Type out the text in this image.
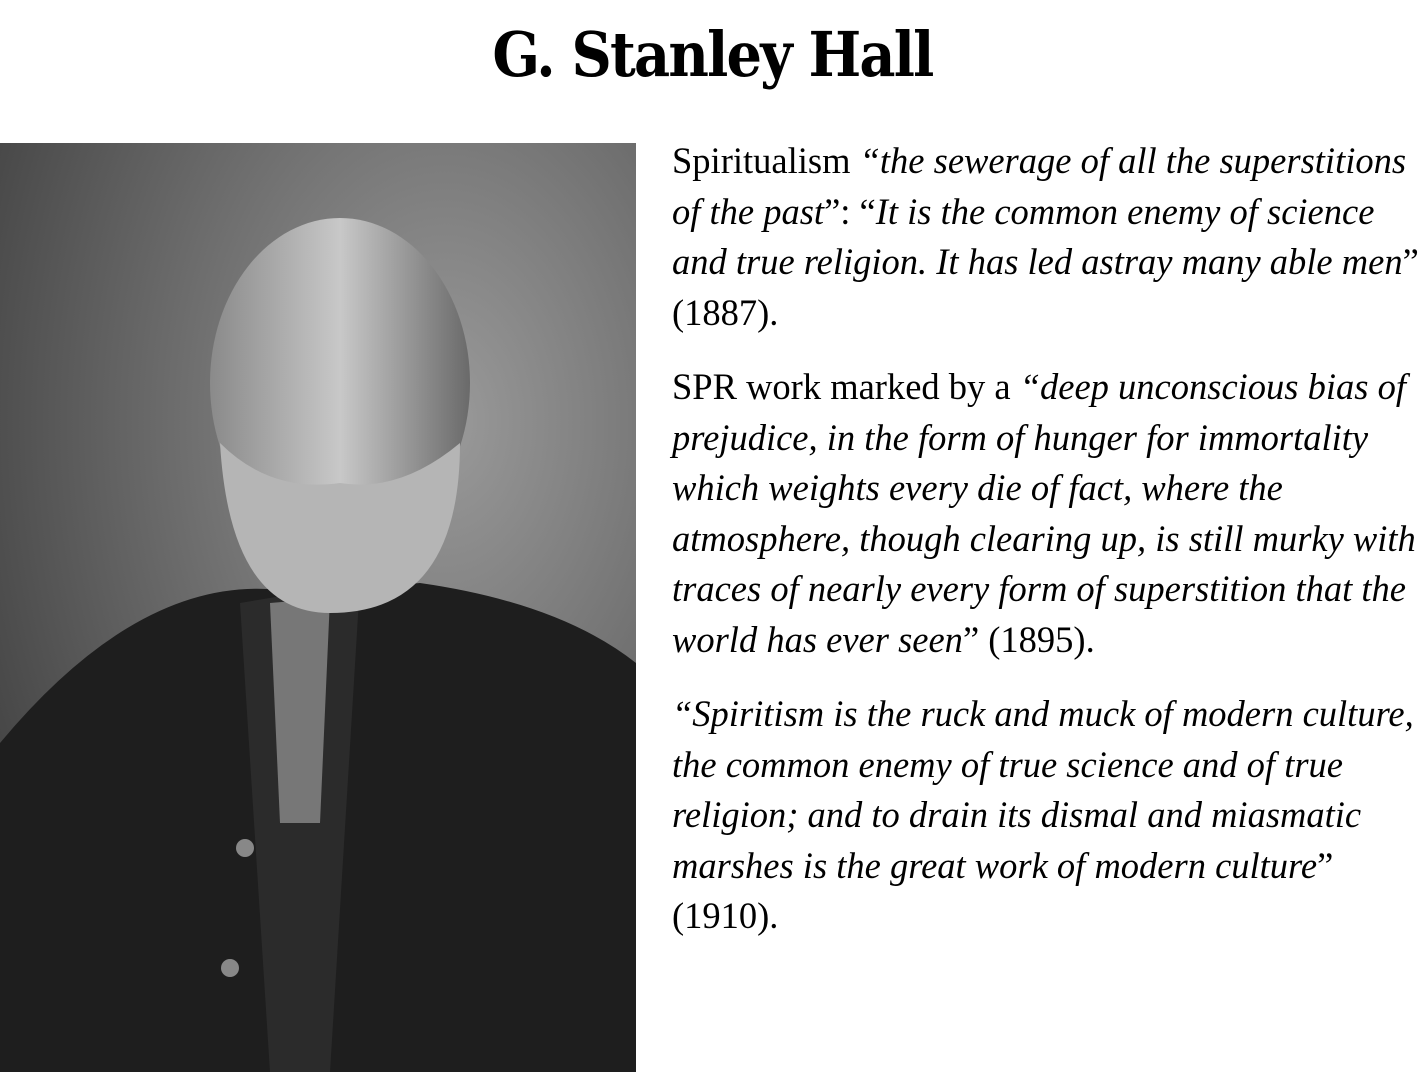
G. Stanley Hall

Spiritualism “the sewerage of all the superstitions of the past”: “It is the common enemy of science and true religion. It has led astray many able men” (1887).

SPR work marked by a “deep unconscious bias of prejudice, in the form of hunger for immortality which weights every die of fact, where the atmosphere, though clearing up, is still murky with traces of nearly every form of superstition that the world has ever seen” (1895).

“Spiritism is the ruck and muck of modern culture, the common enemy of true science and of true religion; and to drain its dismal and miasmatic marshes is the great work of modern culture” (1910).
